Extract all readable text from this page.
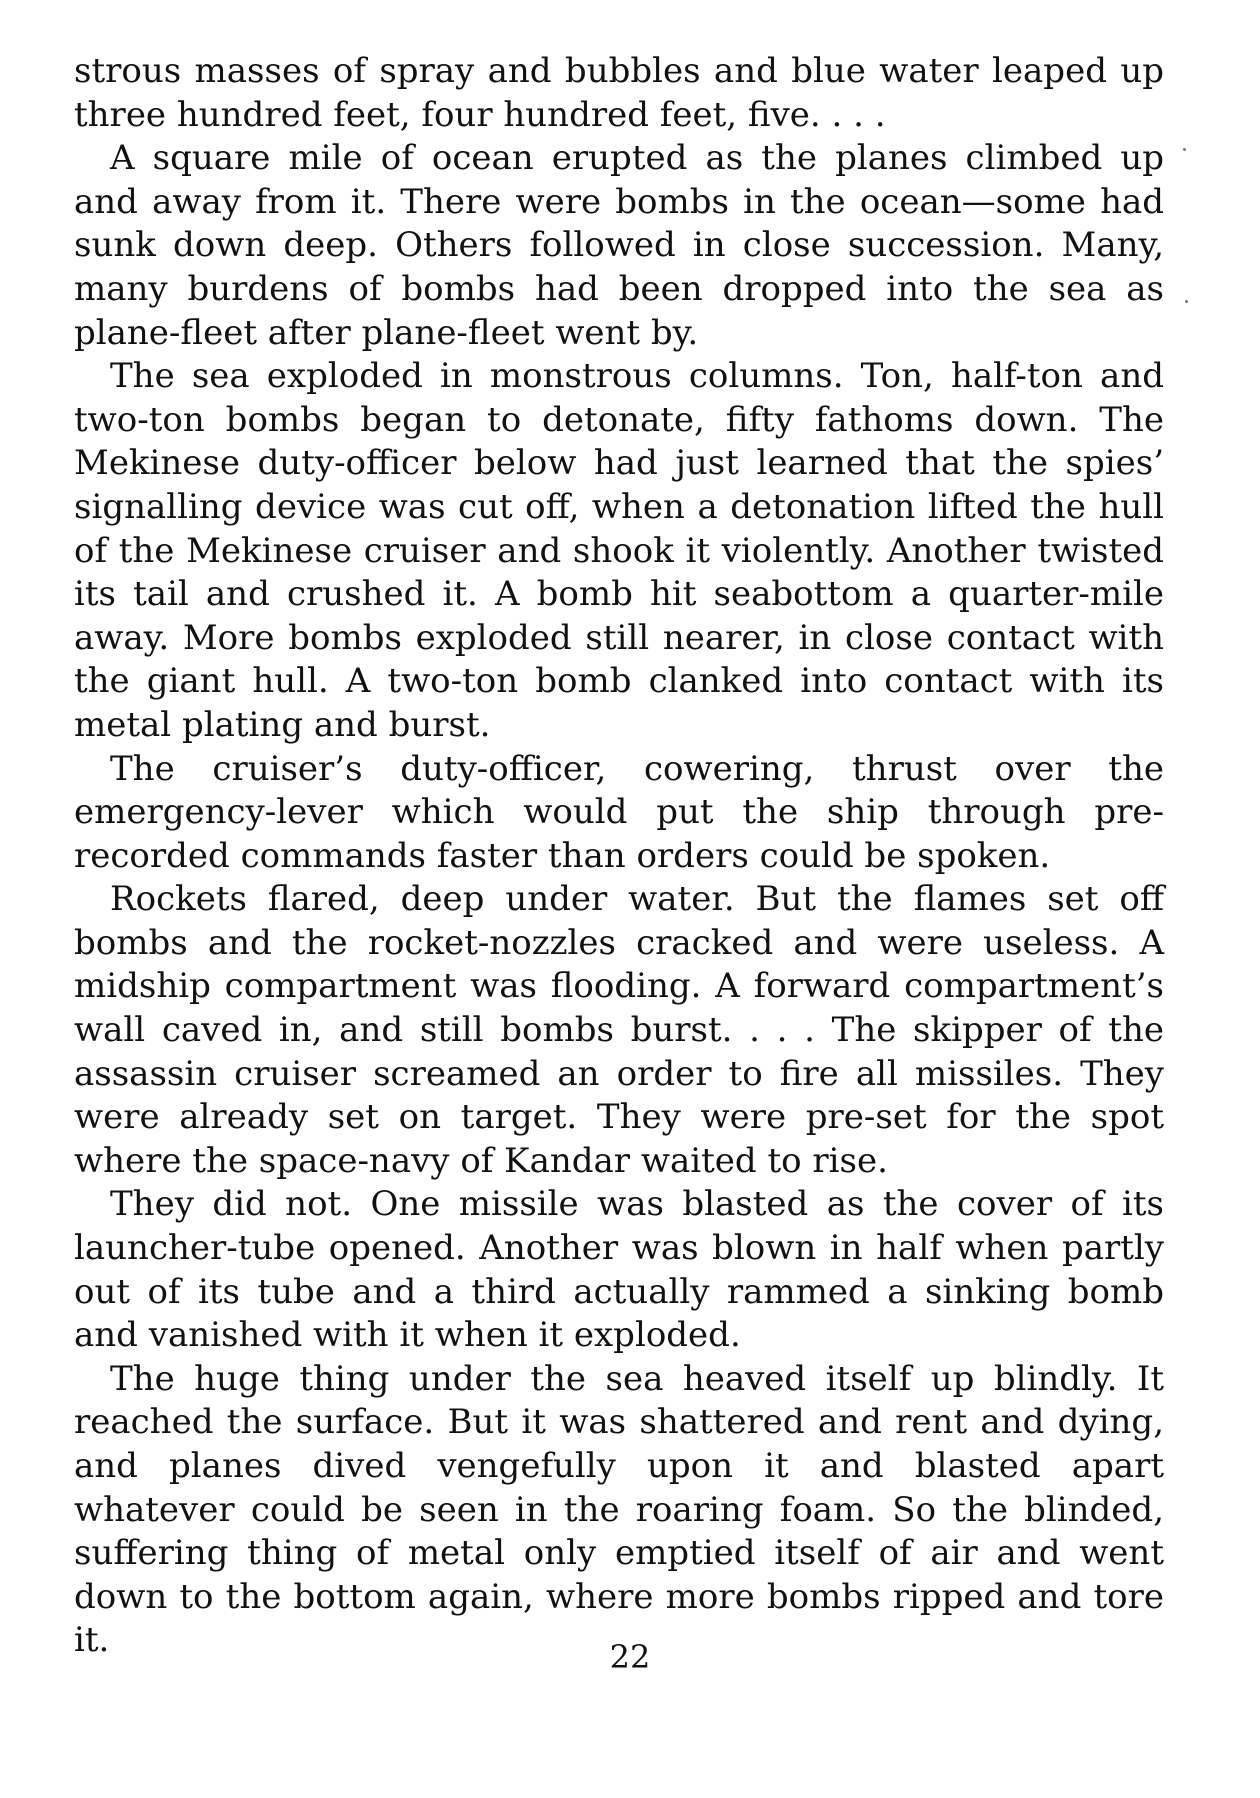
strous masses of spray and bubbles and blue water leaped up three hundred feet, four hundred feet, five. . . .

A square mile of ocean erupted as the planes climbed up and away from it. There were bombs in the ocean—some had sunk down deep. Others followed in close succession. Many, many burdens of bombs had been dropped into the sea as plane-fleet after plane-fleet went by.

The sea exploded in monstrous columns. Ton, half-ton and two-ton bombs began to detonate, fifty fathoms down. The Mekinese duty-officer below had just learned that the spies’ signalling device was cut off, when a detonation lifted the hull of the Mekinese cruiser and shook it violently. Another twisted its tail and crushed it. A bomb hit seabottom a quarter-mile away. More bombs exploded still nearer, in close contact with the giant hull. A two-ton bomb clanked into contact with its metal plating and burst.

The cruiser’s duty-officer, cowering, thrust over the emergency-lever which would put the ship through pre-recorded commands faster than orders could be spoken.

Rockets flared, deep under water. But the flames set off bombs and the rocket-nozzles cracked and were useless. A midship compartment was flooding. A forward compartment’s wall caved in, and still bombs burst. . . . The skipper of the assassin cruiser screamed an order to fire all missiles. They were already set on target. They were pre-set for the spot where the space-navy of Kandar waited to rise.

They did not. One missile was blasted as the cover of its launcher-tube opened. Another was blown in half when partly out of its tube and a third actually rammed a sinking bomb and vanished with it when it exploded.

The huge thing under the sea heaved itself up blindly. It reached the surface. But it was shattered and rent and dying, and planes dived vengefully upon it and blasted apart whatever could be seen in the roaring foam. So the blinded, suffering thing of metal only emptied itself of air and went down to the bottom again, where more bombs ripped and tore it.	22
